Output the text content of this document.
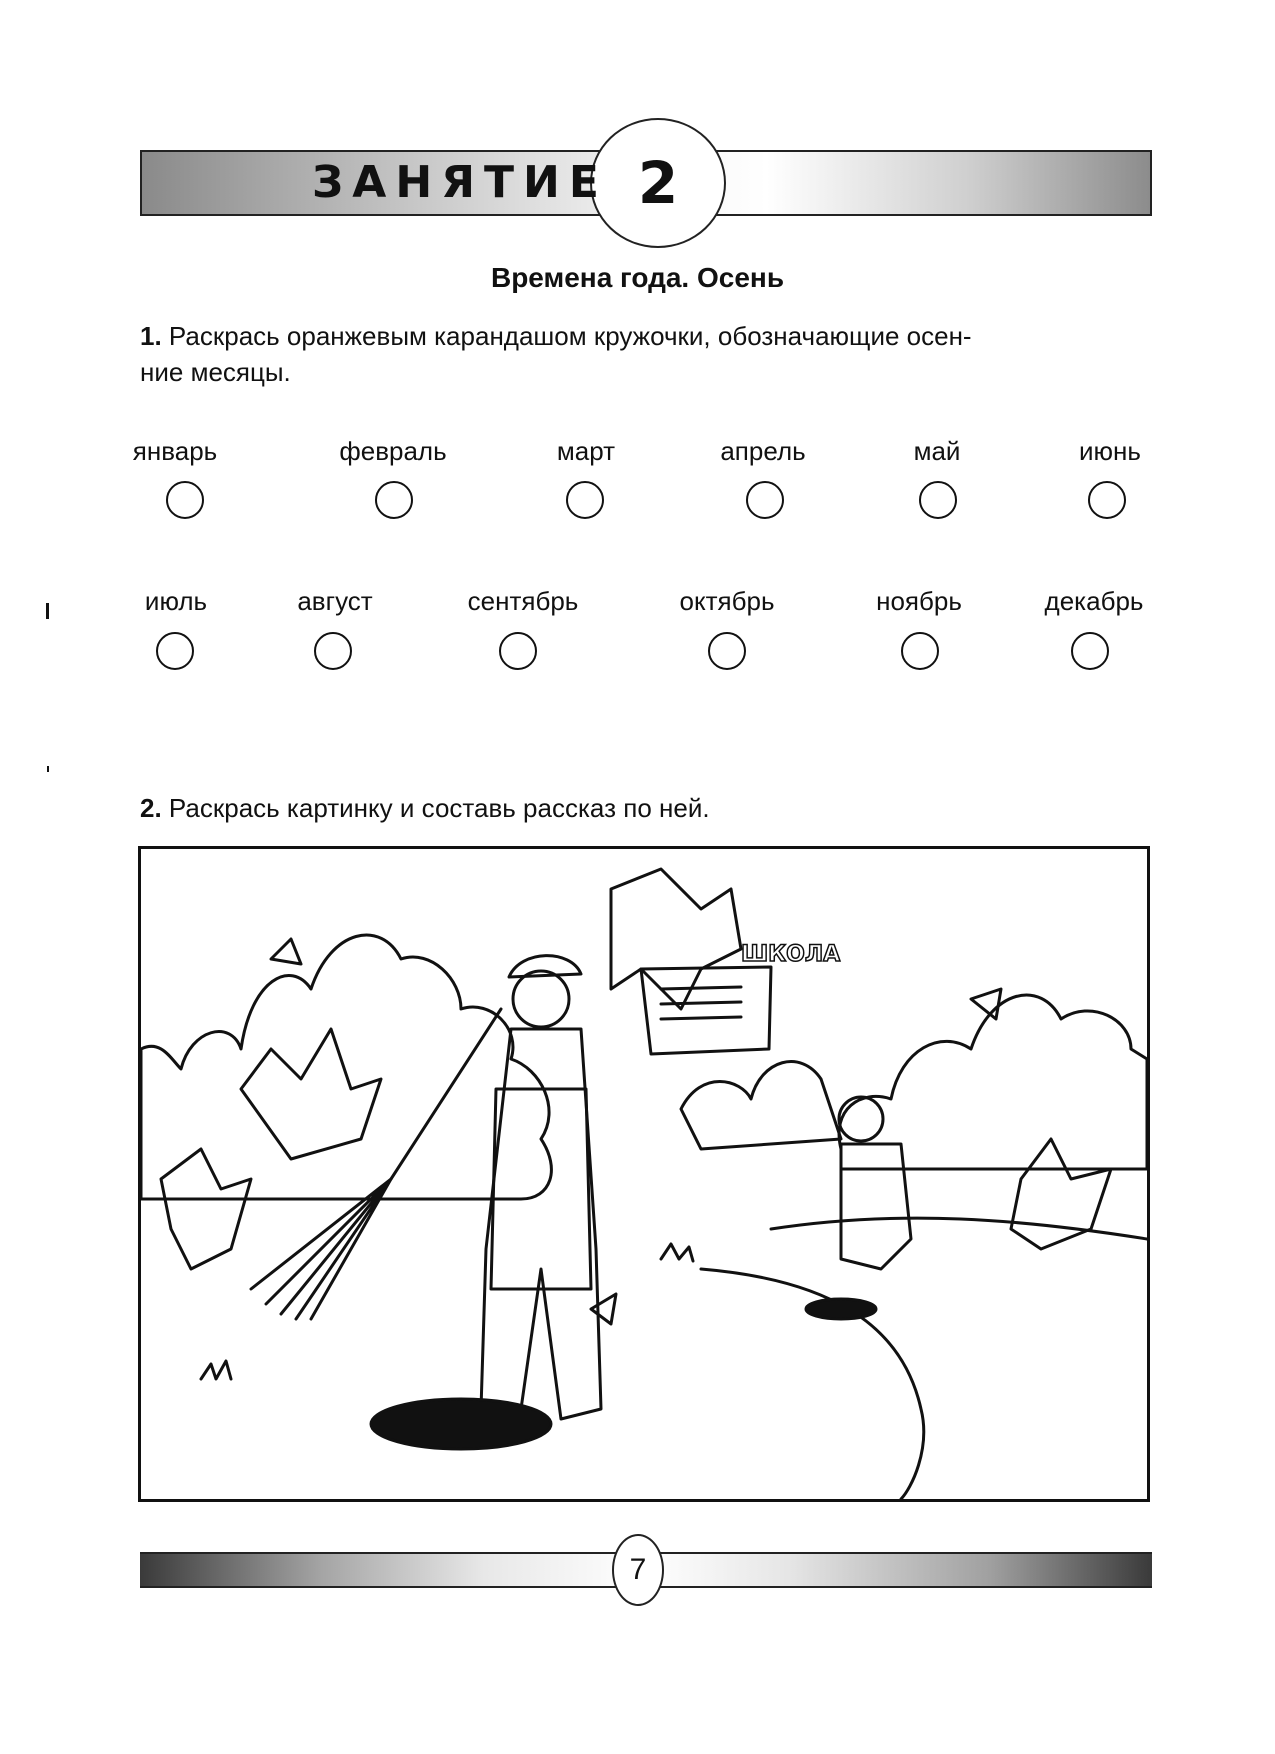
ЗАНЯТИЕ 2
Времена года. Осень
1. Раскрась оранжевым карандашом кружочки, обозначающие осен-
ние месяцы.
январь	февраль	март	апрель	май	июнь
июль	август	сентябрь	октябрь	ноябрь	декабрь
2. Раскрась картинку и составь рассказ по ней.
ШКОЛА
7
